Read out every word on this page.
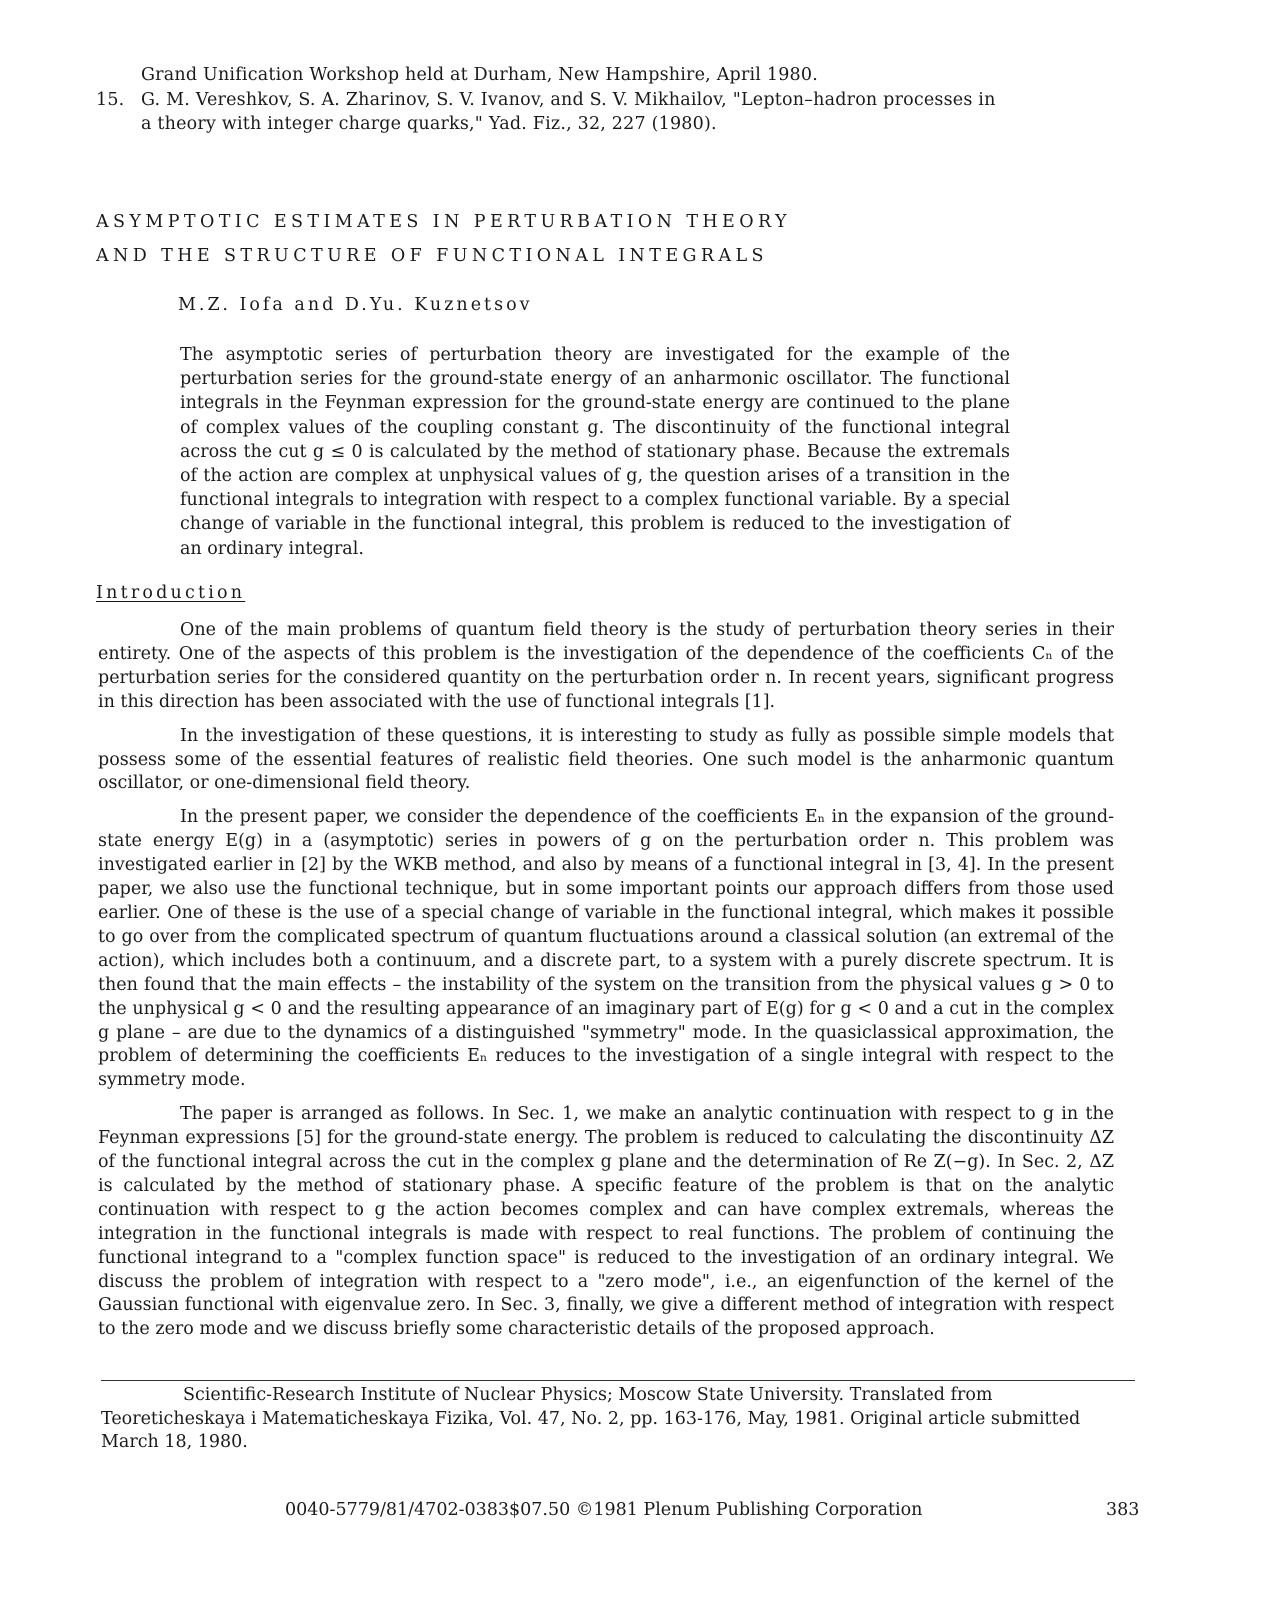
Grand Unification Workshop held at Durham, New Hampshire, April 1980.
15. G. M. Vereshkov, S. A. Zharinov, S. V. Ivanov, and S. V. Mikhailov, "Lepton–hadron processes in
a theory with integer charge quarks," Yad. Fiz., 32, 227 (1980).
ASYMPTOTIC ESTIMATES IN PERTURBATION THEORY
AND THE STRUCTURE OF FUNCTIONAL INTEGRALS
M.Z. Iofa and D.Yu. Kuznetsov

The asymptotic series of perturbation theory are investigated for the example of the perturbation series for the ground-state energy of an anharmonic oscillator. The functional integrals in the Feynman expression for the ground-state energy are continued to the plane of complex values of the coupling constant g. The discontinuity of the functional integral across the cut g ≤ 0 is calculated by the method of stationary phase. Because the extremals of the action are complex at unphysical values of g, the question arises of a transition in the functional integrals to integration with respect to a complex functional variable. By a special change of variable in the functional integral, this problem is reduced to the investigation of an ordinary integral.

Introduction

One of the main problems of quantum field theory is the study of perturbation theory series in their entirety. One of the aspects of this problem is the investigation of the dependence of the coefficients Cₙ of the perturbation series for the considered quantity on the perturbation order n. In recent years, significant progress in this direction has been associated with the use of functional integrals [1].

In the investigation of these questions, it is interesting to study as fully as possible simple models that possess some of the essential features of realistic field theories. One such model is the anharmonic quantum oscillator, or one-dimensional field theory.

In the present paper, we consider the dependence of the coefficients Eₙ in the expansion of the ground-state energy E(g) in a (asymptotic) series in powers of g on the perturbation order n. This problem was investigated earlier in [2] by the WKB method, and also by means of a functional integral in [3, 4]. In the present paper, we also use the functional technique, but in some important points our approach differs from those used earlier. One of these is the use of a special change of variable in the functional integral, which makes it possible to go over from the complicated spectrum of quantum fluctuations around a classical solution (an extremal of the action), which includes both a continuum, and a discrete part, to a system with a purely discrete spectrum. It is then found that the main effects – the instability of the system on the transition from the physical values g > 0 to the unphysical g < 0 and the resulting appearance of an imaginary part of E(g) for g < 0 and a cut in the complex g plane – are due to the dynamics of a distinguished "symmetry" mode. In the quasiclassical approximation, the problem of determining the coefficients Eₙ reduces to the investigation of a single integral with respect to the symmetry mode.

The paper is arranged as follows. In Sec. 1, we make an analytic continuation with respect to g in the Feynman expressions [5] for the ground-state energy. The problem is reduced to calculating the discontinuity ΔZ of the functional integral across the cut in the complex g plane and the determination of Re Z(−g). In Sec. 2, ΔZ is calculated by the method of stationary phase. A specific feature of the problem is that on the analytic continuation with respect to g the action becomes complex and can have complex extremals, whereas the integration in the functional integrals is made with respect to real functions. The problem of continuing the functional integrand to a "complex function space" is reduced to the investigation of an ordinary integral. We discuss the problem of integration with respect to a "zero mode", i.e., an eigenfunction of the kernel of the Gaussian functional with eigenvalue zero. In Sec. 3, finally, we give a different method of integration with respect to the zero mode and we discuss briefly some characteristic details of the proposed approach.

Scientific-Research Institute of Nuclear Physics; Moscow State University. Translated from Teoreticheskaya i Matematicheskaya Fizika, Vol. 47, No. 2, pp. 163-176, May, 1981. Original article submitted March 18, 1980.

0040-5779/81/4702-0383$07.50 ©1981 Plenum Publishing Corporation	383
